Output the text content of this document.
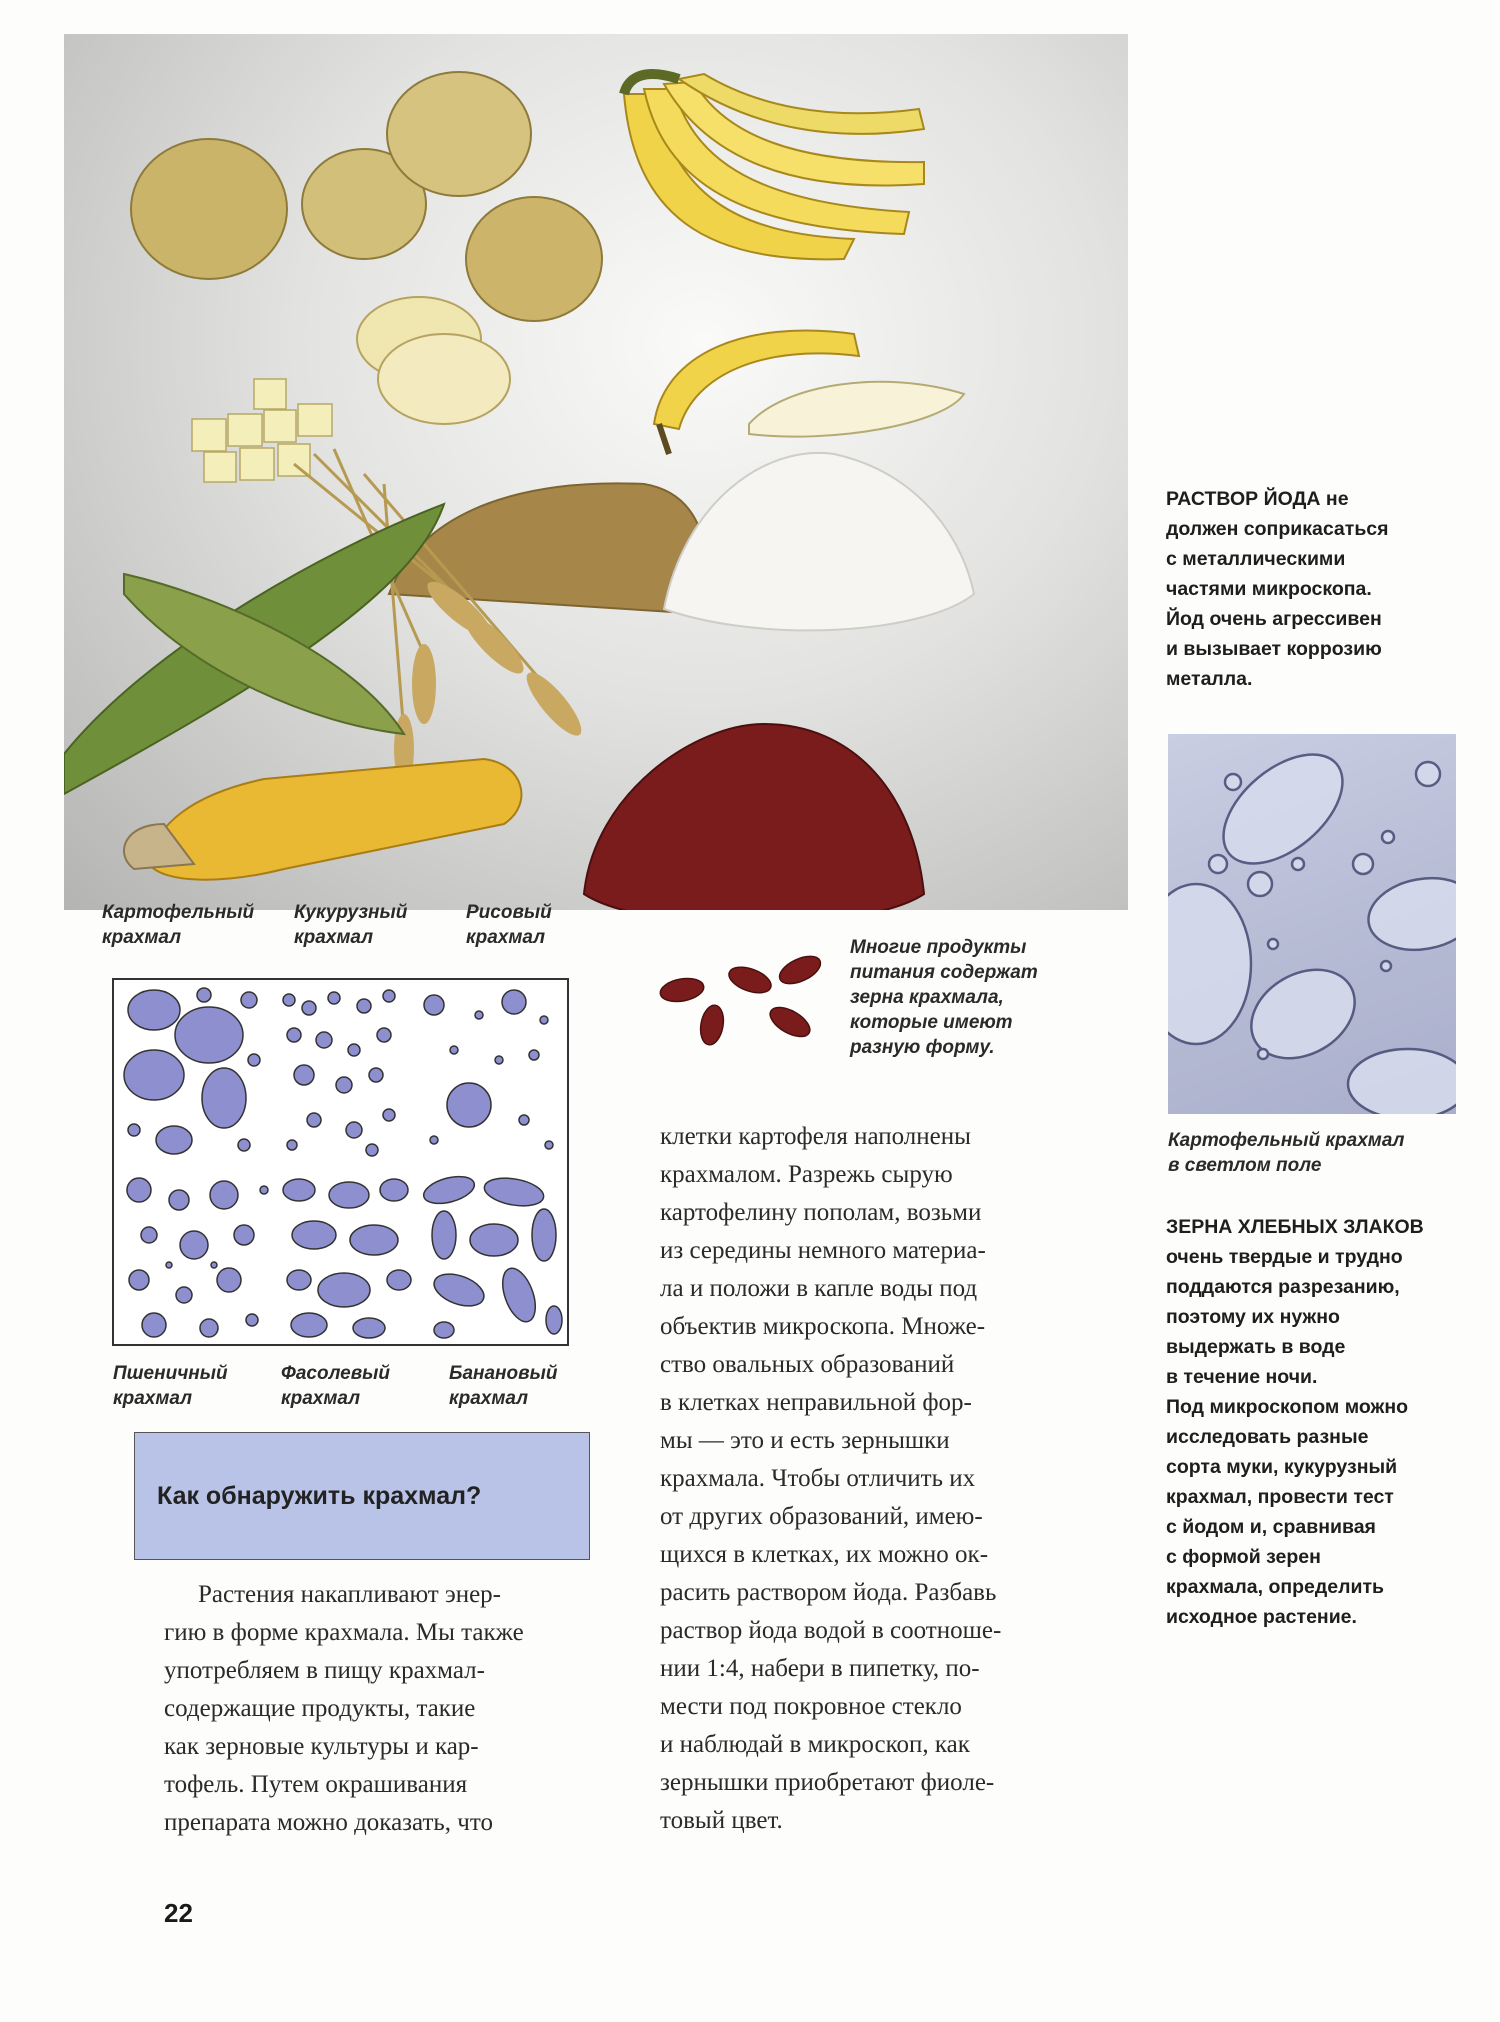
Картофельный
крахмал
Кукурузный
крахмал
Рисовый
крахмал	Многие продукты
питания содержат
зерна крахмала,
которые имеют
разную форму.
Пшеничный
крахмал
Фасолевый
крахмал
Банановый
крахмал
РАСТВОР ЙОДА не
должен соприкасаться
с металлическими
частями микроскопа.
Йод очень агрессивен
и вызывает коррозию
металла.
Картофельный крахмал
в светлом поле
ЗЕРНА ХЛЕБНЫХ ЗЛАКОВ
очень твердые и трудно
поддаются разрезанию,
поэтому их нужно
выдержать в воде
в течение ночи.
Под микроскопом можно
исследовать разные
сорта муки, кукурузный
крахмал, провести тест
с йодом и, сравнивая
с формой зерен
крахмала, определить
исходное растение.
Как обнаружить крахмал?
Растения накапливают энер-
гию в форме крахмала. Мы также
употребляем в пищу крахмал-
содержащие продукты, такие
как зерновые культуры и кар-
тофель. Путем окрашивания
препарата можно доказать, что
клетки картофеля наполнены
крахмалом. Разрежь сырую
картофелину пополам, возьми
из середины немного материа-
ла и положи в капле воды под
объектив микроскопа. Множе-
ство овальных образований
в клетках неправильной фор-
мы — это и есть зернышки
крахмала. Чтобы отличить их
от других образований, имею-
щихся в клетках, их можно ок-
расить раствором йода. Разбавь
раствор йода водой в соотноше-
нии 1:4, набери в пипетку, по-
мести под покровное стекло
и наблюдай в микроскоп, как
зернышки приобретают фиоле-
товый цвет.
22
